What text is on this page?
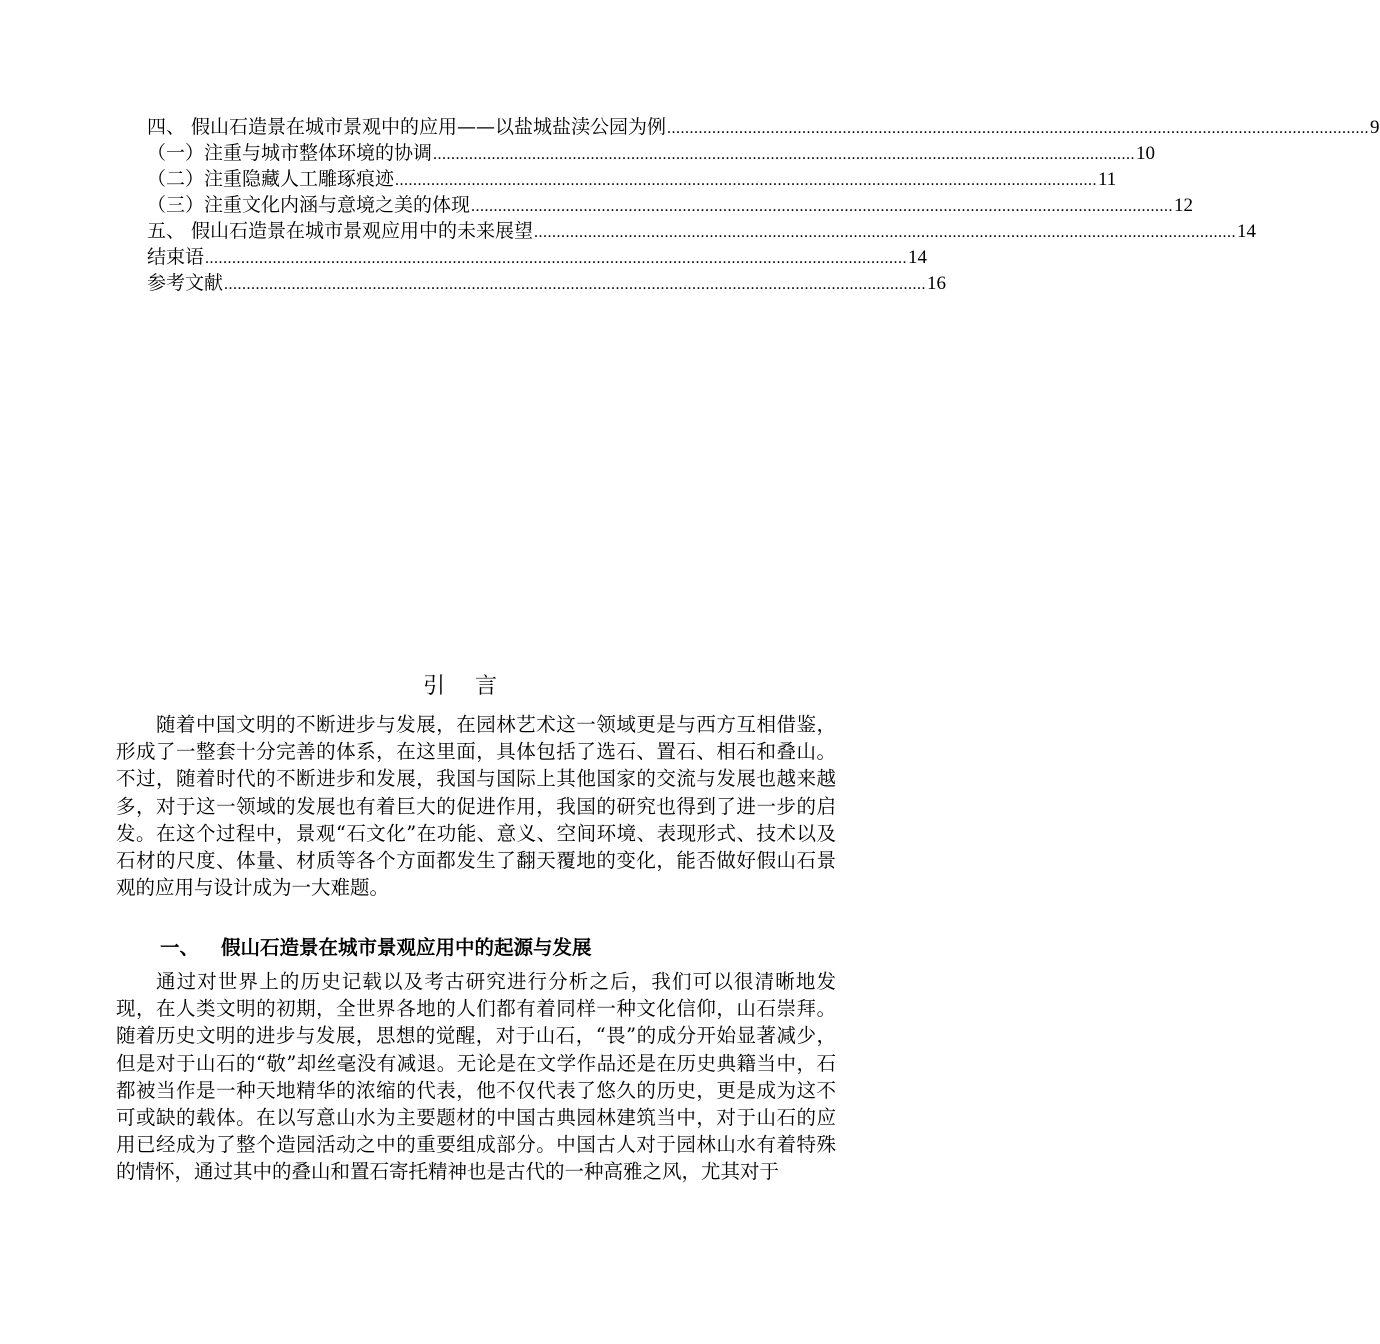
四、 假山石造景在城市景观中的应用——以盐城盐渎公园为例 ............................................................................................................................................................ 9
（一）注重与城市整体环境的协调 ............................................................................................................................................................ 10
（二）注重隐藏人工雕琢痕迹 ............................................................................................................................................................ 11
（三）注重文化内涵与意境之美的体现 ............................................................................................................................................................ 12
五、 假山石造景在城市景观应用中的未来展望 ............................................................................................................................................................ 14
结束语 ............................................................................................................................................................ 14
参考文献 ............................................................................................................................................................ 16
引言

随着中国文明的不断进步与发展，在园林艺术这一领域更是与西方互相借鉴，形成了一整套十分完善的体系，在这里面，具体包括了选石、置石、相石和叠山。不过，随着时代的不断进步和发展，我国与国际上其他国家的交流与发展也越来越多，对于这一领域的发展也有着巨大的促进作用，我国的研究也得到了进一步的启发。在这个过程中，景观“石文化”在功能、意义、空间环境、表现形式、技术以及石材的尺度、体量、材质等各个方面都发生了翻天覆地的变化，能否做好假山石景观的应用与设计成为一大难题。

一、 假山石造景在城市景观应用中的起源与发展

通过对世界上的历史记载以及考古研究进行分析之后，我们可以很清晰地发现，在人类文明的初期，全世界各地的人们都有着同样一种文化信仰，山石崇拜。随着历史文明的进步与发展，思想的觉醒，对于山石，“畏”的成分开始显著减少，但是对于山石的“敬”却丝毫没有减退。无论是在文学作品还是在历史典籍当中，石都被当作是一种天地精华的浓缩的代表，他不仅代表了悠久的历史，更是成为这不可或缺的载体。在以写意山水为主要题材的中国古典园林建筑当中，对于山石的应用已经成为了整个造园活动之中的重要组成部分。中国古人对于园林山水有着特殊的情怀，通过其中的叠山和置石寄托精神也是古代的一种高雅之风，尤其对于
